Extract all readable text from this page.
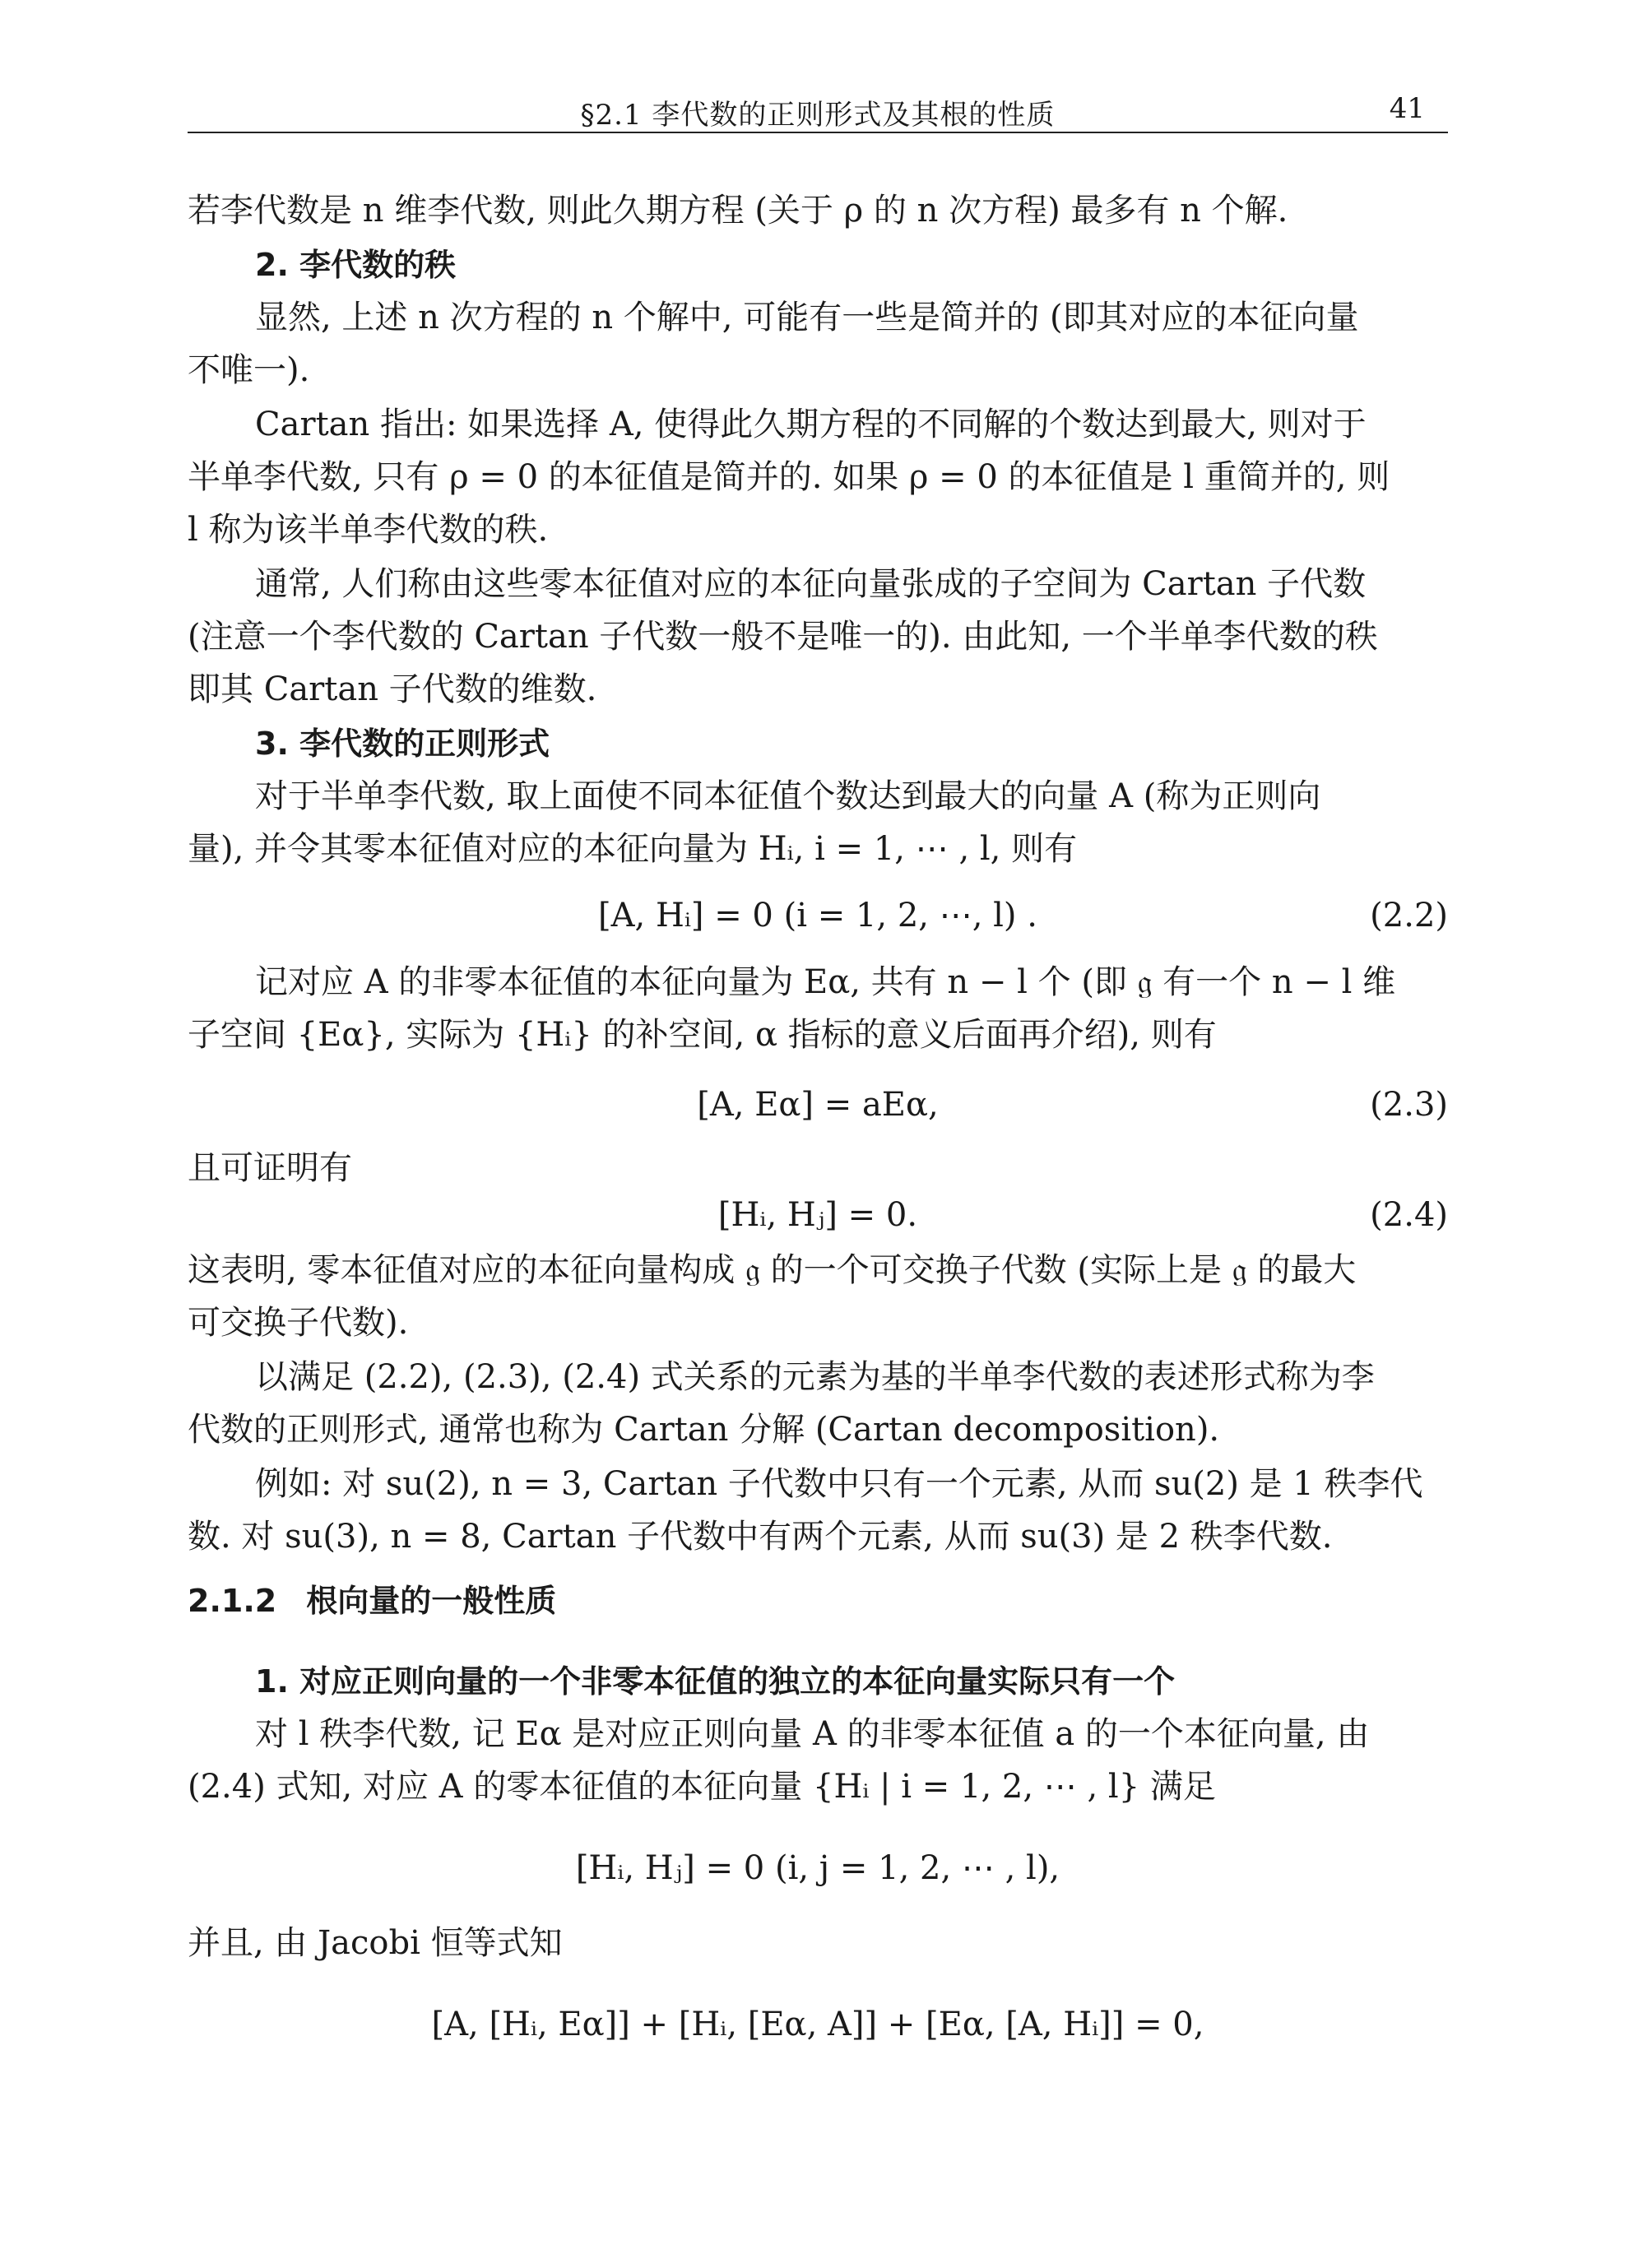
§2.1 李代数的正则形式及其根的性质	41
若李代数是 n 维李代数, 则此久期方程 (关于 ρ 的 n 次方程) 最多有 n 个解.
2. 李代数的秩
显然, 上述 n 次方程的 n 个解中, 可能有一些是简并的 (即其对应的本征向量
不唯一).
Cartan 指出: 如果选择 A, 使得此久期方程的不同解的个数达到最大, 则对于
半单李代数, 只有 ρ = 0 的本征值是简并的. 如果 ρ = 0 的本征值是 l 重简并的, 则
l 称为该半单李代数的秩.
通常, 人们称由这些零本征值对应的本征向量张成的子空间为 Cartan 子代数
(注意一个李代数的 Cartan 子代数一般不是唯一的). 由此知, 一个半单李代数的秩
即其 Cartan 子代数的维数.
3. 李代数的正则形式
对于半单李代数, 取上面使不同本征值个数达到最大的向量 A (称为正则向
量), 并令其零本征值对应的本征向量为 Hᵢ, i = 1, ⋯ , l, 则有
[A, Hᵢ] = 0 (i = 1, 2, ⋯, l) .	(2.2)
记对应 A 的非零本征值的本征向量为 Eα, 共有 n − l 个 (即 𝔤 有一个 n − l 维
子空间 {Eα}, 实际为 {Hᵢ} 的补空间, α 指标的意义后面再介绍), 则有
[A, Eα] = aEα,	(2.3)
且可证明有
[Hᵢ, Hⱼ] = 0.	(2.4)
这表明, 零本征值对应的本征向量构成 𝔤 的一个可交换子代数 (实际上是 𝔤 的最大
可交换子代数).
以满足 (2.2), (2.3), (2.4) 式关系的元素为基的半单李代数的表述形式称为李
代数的正则形式, 通常也称为 Cartan 分解 (Cartan decomposition).
例如: 对 su(2), n = 3, Cartan 子代数中只有一个元素, 从而 su(2) 是 1 秩李代
数. 对 su(3), n = 8, Cartan 子代数中有两个元素, 从而 su(3) 是 2 秩李代数.
2.1.2 根向量的一般性质
1. 对应正则向量的一个非零本征值的独立的本征向量实际只有一个
对 l 秩李代数, 记 Eα 是对应正则向量 A 的非零本征值 a 的一个本征向量, 由
(2.4) 式知, 对应 A 的零本征值的本征向量 {Hᵢ | i = 1, 2, ⋯ , l} 满足
[Hᵢ, Hⱼ] = 0 (i, j = 1, 2, ⋯ , l),
并且, 由 Jacobi 恒等式知
[A, [Hᵢ, Eα]] + [Hᵢ, [Eα, A]] + [Eα, [A, Hᵢ]] = 0,
